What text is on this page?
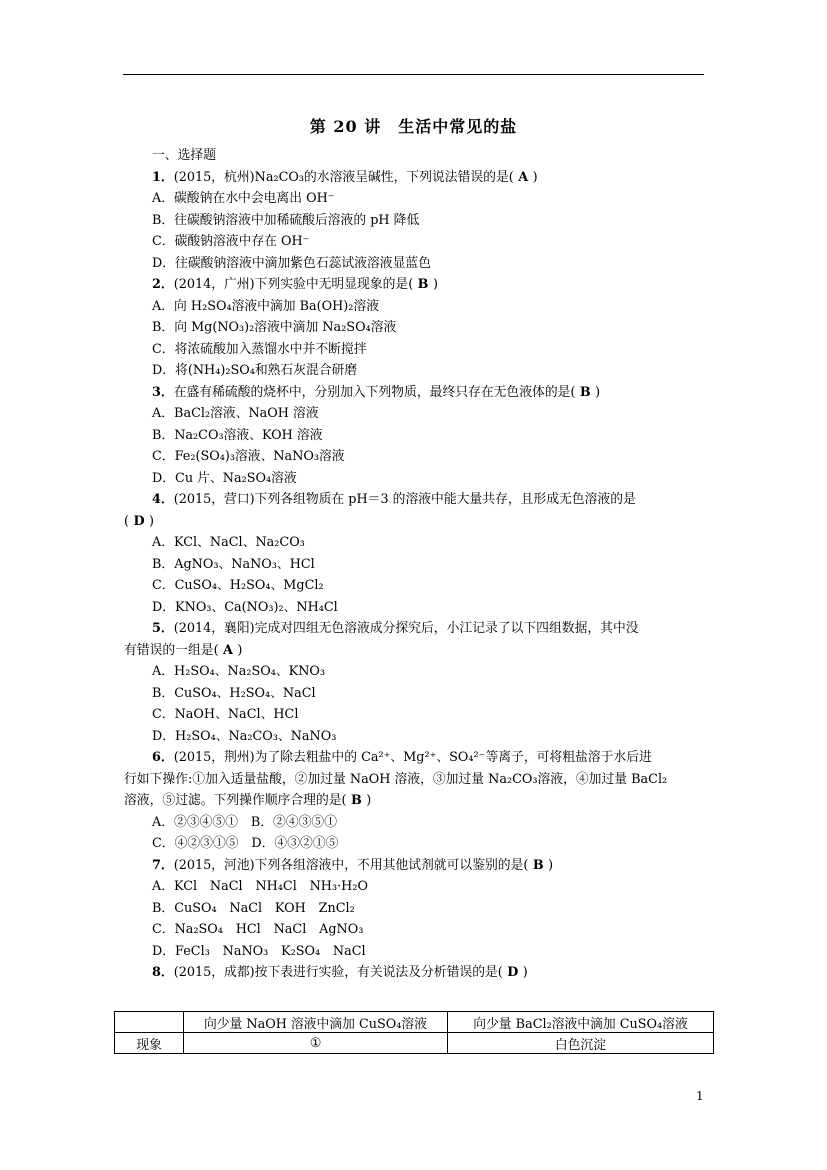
第 20 讲　生活中常见的盐
一、选择题
1．(2015，杭州)Na₂CO₃的水溶液呈碱性，下列说法错误的是( A )
A．碳酸钠在水中会电离出 OH⁻
B．往碳酸钠溶液中加稀硫酸后溶液的 pH 降低
C．碳酸钠溶液中存在 OH⁻
D．往碳酸钠溶液中滴加紫色石蕊试液溶液显蓝色
2．(2014，广州)下列实验中无明显现象的是( B )
A．向 H₂SO₄溶液中滴加 Ba(OH)₂溶液
B．向 Mg(NO₃)₂溶液中滴加 Na₂SO₄溶液
C．将浓硫酸加入蒸馏水中并不断搅拌
D．将(NH₄)₂SO₄和熟石灰混合研磨
3．在盛有稀硫酸的烧杯中，分别加入下列物质，最终只存在无色液体的是( B )
A．BaCl₂溶液、NaOH 溶液
B．Na₂CO₃溶液、KOH 溶液
C．Fe₂(SO₄)₃溶液、NaNO₃溶液
D．Cu 片、Na₂SO₄溶液
4．(2015，营口)下列各组物质在 pH＝3 的溶液中能大量共存，且形成无色溶液的是
( D )
A．KCl、NaCl、Na₂CO₃
B．AgNO₃、NaNO₃、HCl
C．CuSO₄、H₂SO₄、MgCl₂
D．KNO₃、Ca(NO₃)₂、NH₄Cl
5．(2014，襄阳)完成对四组无色溶液成分探究后，小江记录了以下四组数据，其中没
有错误的一组是( A )
A．H₂SO₄、Na₂SO₄、KNO₃
B．CuSO₄、H₂SO₄、NaCl
C．NaOH、NaCl、HCl
D．H₂SO₄、Na₂CO₃、NaNO₃
6．(2015，荆州)为了除去粗盐中的 Ca²⁺、Mg²⁺、SO₄²⁻等离子，可将粗盐溶于水后进
行如下操作:①加入适量盐酸，②加过量 NaOH 溶液，③加过量 Na₂CO₃溶液，④加过量 BaCl₂
溶液，⑤过滤。下列操作顺序合理的是( B )
A．②③④⑤①　B．②④③⑤①
C．④②③①⑤　D．④③②①⑤
7．(2015，河池)下列各组溶液中，不用其他试剂就可以鉴别的是( B )
A．KCl　NaCl　NH₄Cl　NH₃·H₂O
B．CuSO₄　NaCl　KOH　ZnCl₂
C．Na₂SO₄　HCl　NaCl　AgNO₃
D．FeCl₃　NaNO₃　K₂SO₄　NaCl
8．(2015，成都)按下表进行实验，有关说法及分析错误的是( D )
	向少量 NaOH 溶液中滴加 CuSO₄溶液	向少量 BaCl₂溶液中滴加 CuSO₄溶液
现象	①	白色沉淀
1
